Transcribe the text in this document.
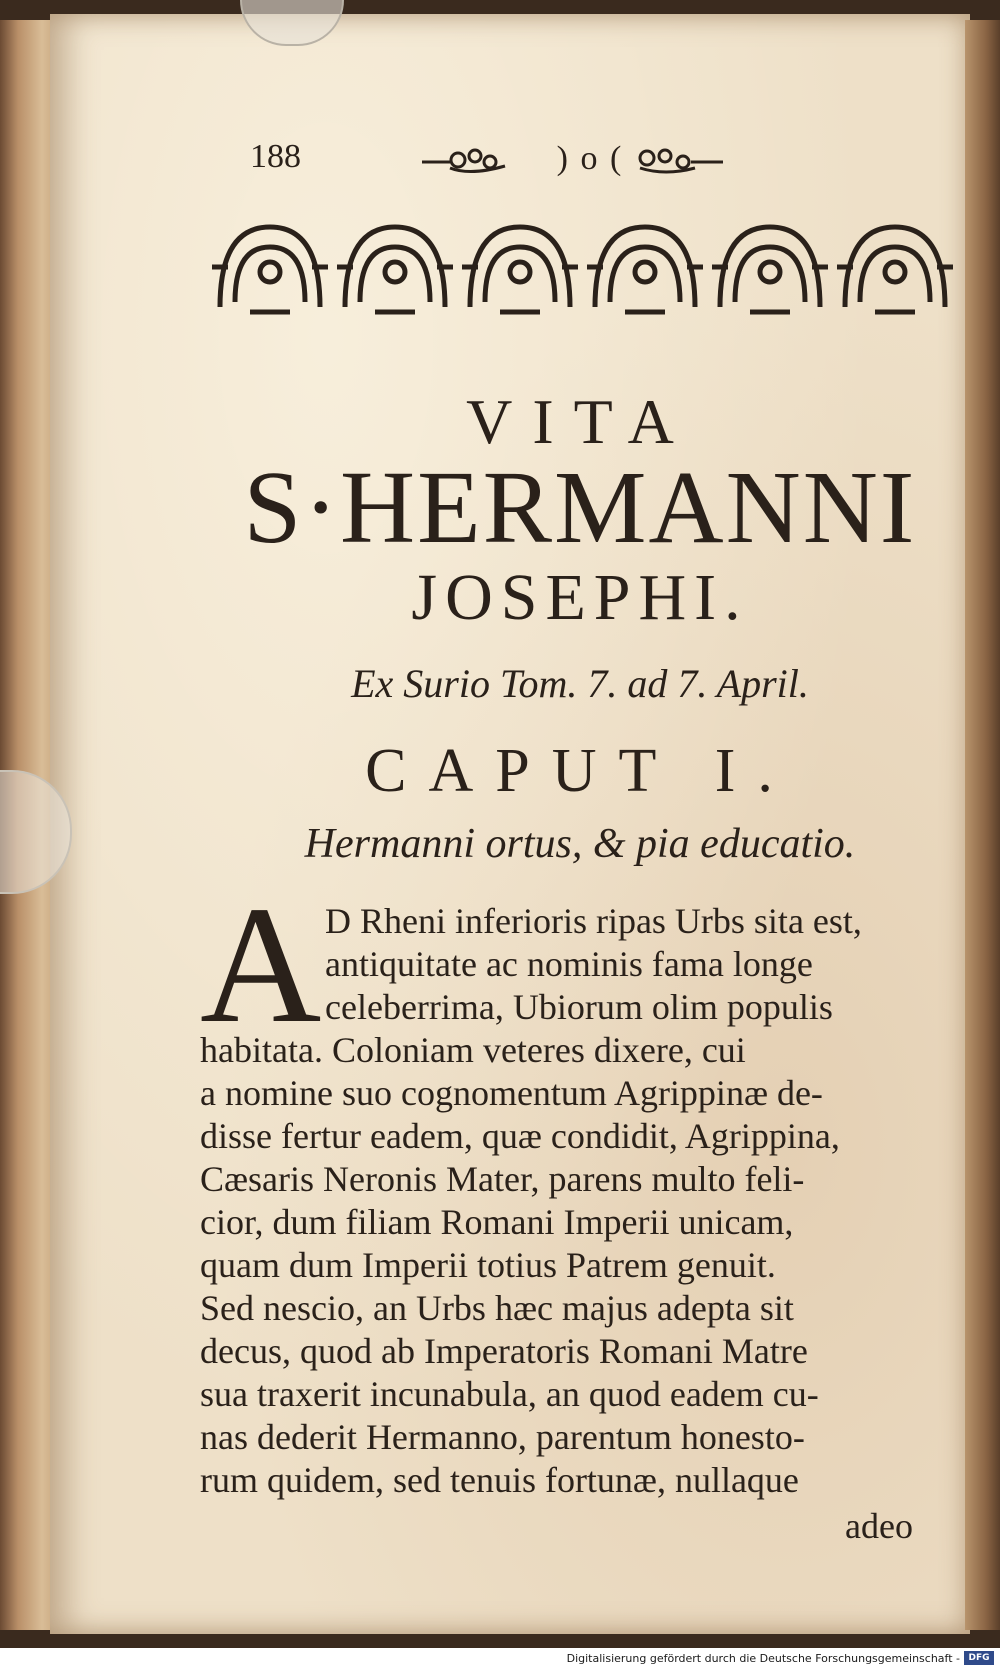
188	) o (
VITA
S·HERMANNI
JOSEPHI.
Ex Surio Tom. 7. ad 7. April.
CAPUT I.
Hermanni ortus, & pia educatio.
A D Rheni inferioris ripas Urbs sita est,
antiquitate ac nominis fama longe
celeberrima, Ubiorum olim populis
habitata. Coloniam veteres dixere, cui
a nomine suo cognomentum Agrippinæ de-
disse fertur eadem, quæ condidit, Agrippina,
Cæsaris Neronis Mater, parens multo feli-
cior, dum filiam Romani Imperii unicam,
quam dum Imperii totius Patrem genuit.
Sed nescio, an Urbs hæc majus adepta sit
decus, quod ab Imperatoris Romani Matre
sua traxerit incunabula, an quod eadem cu-
nas dederit Hermanno, parentum honesto-
rum quidem, sed tenuis fortunæ, nullaque
adeo
Digitalisierung gefördert durch die Deutsche Forschungsgemeinschaft - DFG
